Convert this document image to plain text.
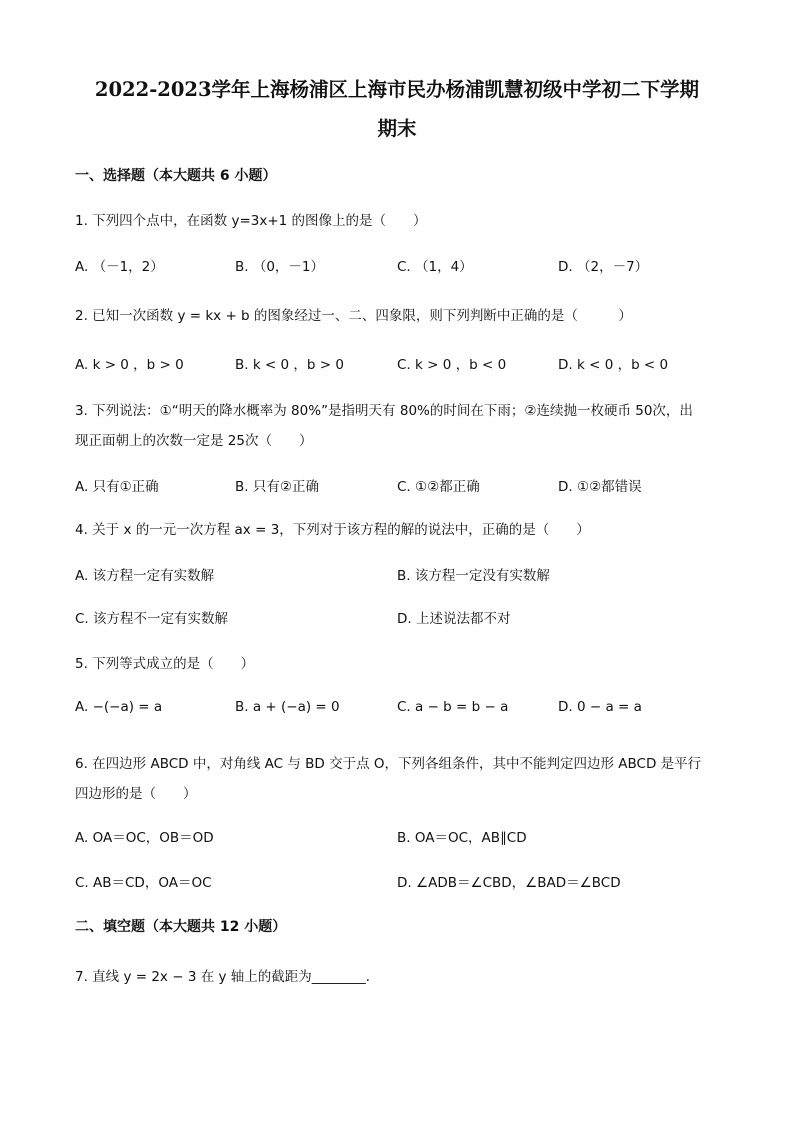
2022-2023学年上海杨浦区上海市民办杨浦凯慧初级中学初二下学期
期末
一、选择题（本大题共 6 小题）
1. 下列四个点中，在函数 y=3x+1 的图像上的是（　　）
A. （－1，2）	B. （0，－1）	C. （1，4）	D. （2，－7）
2. 已知一次函数 y = kx + b 的图象经过一、二、四象限，则下列判断中正确的是（　　　）
A. k > 0 ，b > 0	B. k < 0 ，b > 0	C. k > 0 ，b < 0	D. k < 0 ，b < 0
3. 下列说法：①“明天的降水概率为 80%”是指明天有 80%的时间在下雨；②连续抛一枚硬币 50次，出
现正面朝上的次数一定是 25次（　　）
A. 只有①正确	B. 只有②正确	C. ①②都正确	D. ①②都错误
4. 关于 x 的一元一次方程 ax = 3，下列对于该方程的解的说法中，正确的是（　　）
A. 该方程一定有实数解	B. 该方程一定没有实数解
C. 该方程不一定有实数解	D. 上述说法都不对
5. 下列等式成立的是（　　）
A. −(−a) = a	B. a + (−a) = 0	C. a − b = b − a	D. 0 − a = a
6. 在四边形 ABCD 中，对角线 AC 与 BD 交于点 O，下列各组条件，其中不能判定四边形 ABCD 是平行
四边形的是（　　）
A. OA＝OC，OB＝OD	B. OA＝OC，AB∥CD
C. AB＝CD，OA＝OC	D. ∠ADB＝∠CBD，∠BAD＝∠BCD
二、填空题（本大题共 12 小题）
7. 直线 y = 2x − 3 在 y 轴上的截距为________．
